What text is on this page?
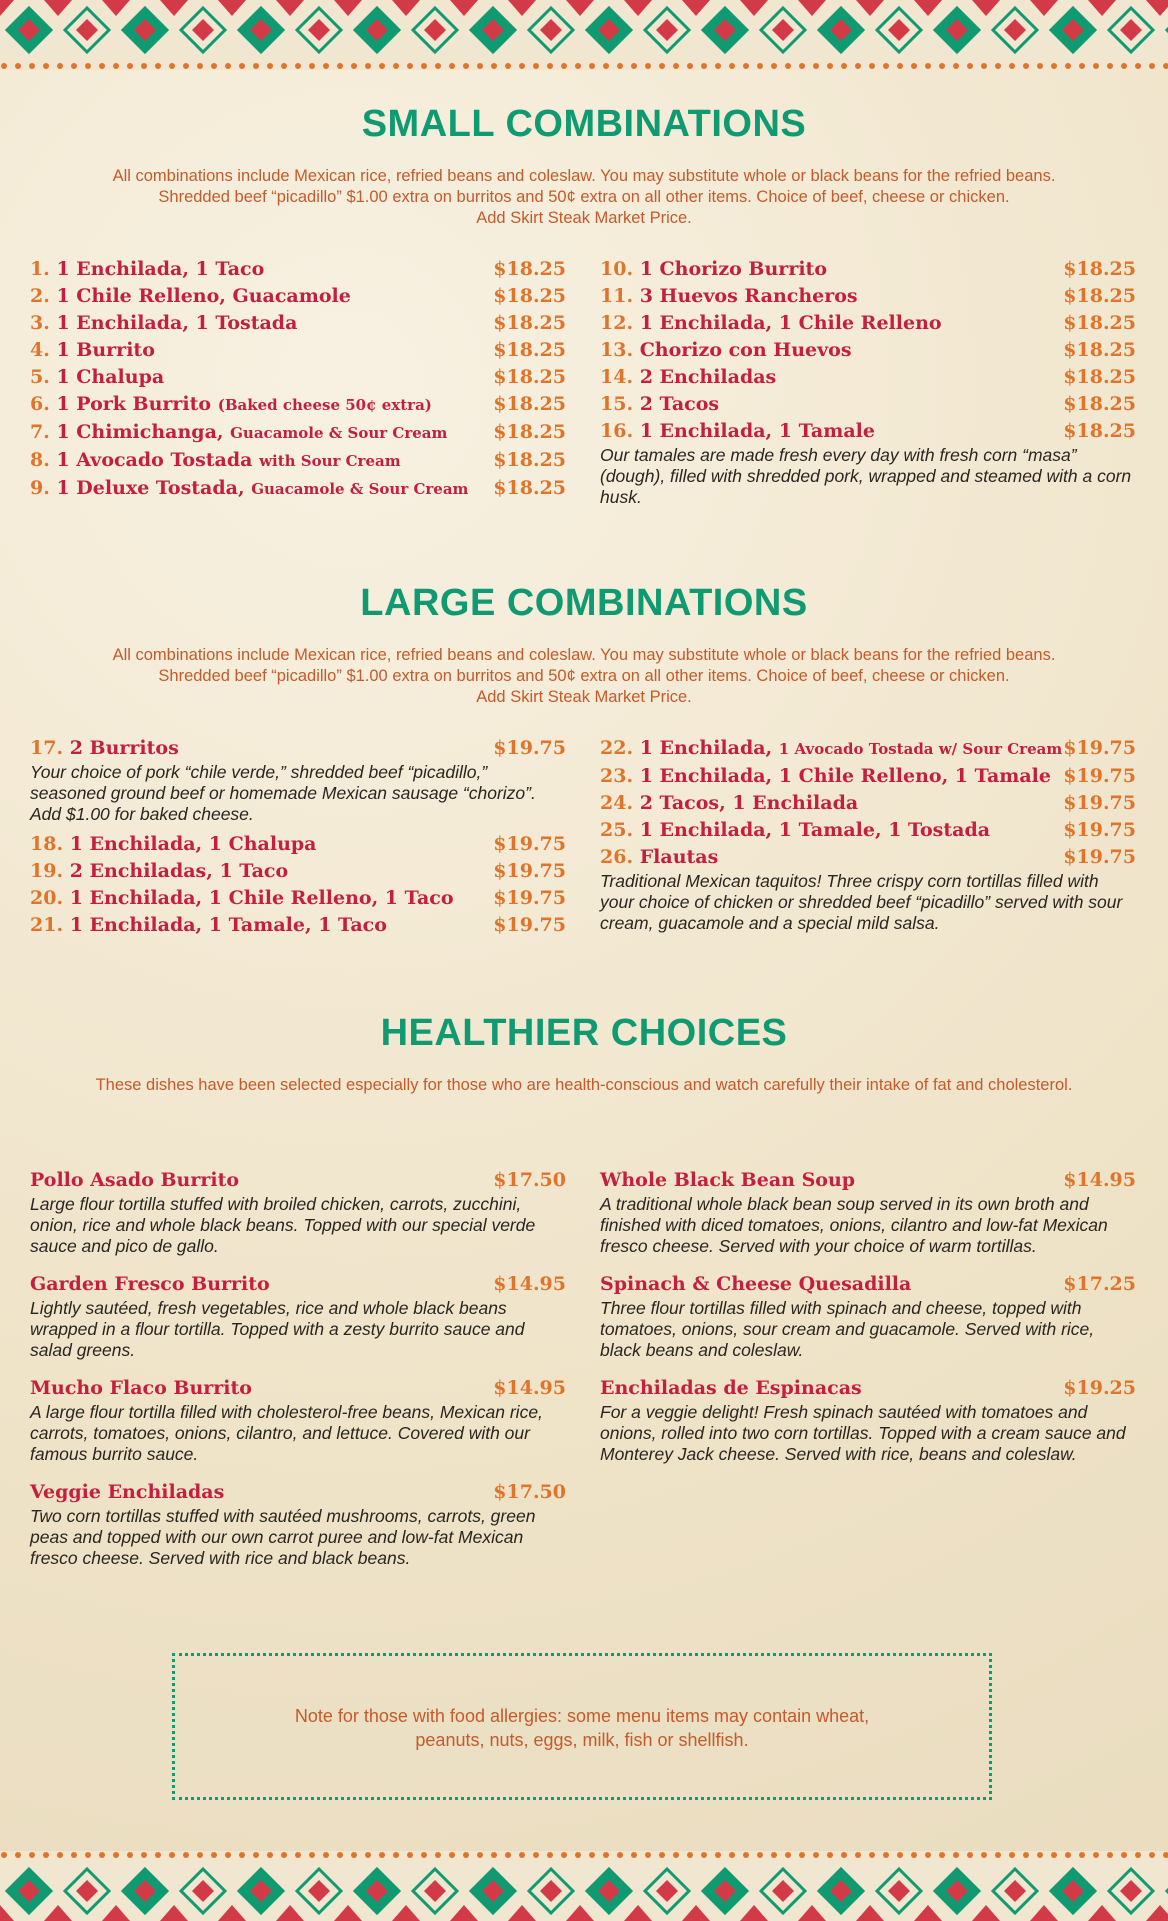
SMALL COMBINATIONS
All combinations include Mexican rice, refried beans and coleslaw. You may substitute whole or black beans for the refried beans.
Shredded beef “picadillo” $1.00 extra on burritos and 50¢ extra on all other items. Choice of beef, cheese or chicken.
Add Skirt Steak Market Price.
1. 1 Enchilada, 1 Taco	$18.25
2. 1 Chile Relleno, Guacamole	$18.25
3. 1 Enchilada, 1 Tostada	$18.25
4. 1 Burrito	$18.25
5. 1 Chalupa	$18.25
6. 1 Pork Burrito (Baked cheese 50¢ extra)	$18.25
7. 1 Chimichanga, Guacamole & Sour Cream $18.25
8. 1 Avocado Tostada with Sour Cream	$18.25
9. 1 Deluxe Tostada, Guacamole & Sour Cream $18.25
10. 1 Chorizo Burrito	$18.25
11. 3 Huevos Rancheros	$18.25
12. 1 Enchilada, 1 Chile Relleno	$18.25
13. Chorizo con Huevos	$18.25
14. 2 Enchiladas	$18.25
15. 2 Tacos	$18.25
16. 1 Enchilada, 1 Tamale	$18.25
Our tamales are made fresh every day with fresh corn “masa” (dough), filled with shredded pork, wrapped and steamed with a corn husk.
LARGE COMBINATIONS
All combinations include Mexican rice, refried beans and coleslaw. You may substitute whole or black beans for the refried beans.
Shredded beef “picadillo” $1.00 extra on burritos and 50¢ extra on all other items. Choice of beef, cheese or chicken.
Add Skirt Steak Market Price.
17. 2 Burritos	$19.75
Your choice of pork “chile verde,” shredded beef “picadillo,” seasoned ground beef or homemade Mexican sausage “chorizo”. Add $1.00 for baked cheese.
18. 1 Enchilada, 1 Chalupa	$19.75
19. 2 Enchiladas, 1 Taco	$19.75
20. 1 Enchilada, 1 Chile Relleno, 1 Taco $19.75
21. 1 Enchilada, 1 Tamale, 1 Taco	$19.75
22. 1 Enchilada, 1 Avocado Tostada w/ Sour Cream $19.75
23. 1 Enchilada, 1 Chile Relleno, 1 Tamale $19.75
24. 2 Tacos, 1 Enchilada	$19.75
25. 1 Enchilada, 1 Tamale, 1 Tostada	$19.75
26. Flautas	$19.75
Traditional Mexican taquitos! Three crispy corn tortillas filled with your choice of chicken or shredded beef “picadillo” served with sour cream, guacamole and a special mild salsa.
HEALTHIER CHOICES
These dishes have been selected especially for those who are health-conscious and watch carefully their intake of fat and cholesterol.
Pollo Asado Burrito	$17.50
Large flour tortilla stuffed with broiled chicken, carrots, zucchini, onion, rice and whole black beans. Topped with our special verde sauce and pico de gallo.
Garden Fresco Burrito	$14.95
Lightly sautéed, fresh vegetables, rice and whole black beans wrapped in a flour tortilla. Topped with a zesty burrito sauce and salad greens.
Mucho Flaco Burrito	$14.95
A large flour tortilla filled with cholesterol-free beans, Mexican rice, carrots, tomatoes, onions, cilantro, and lettuce. Covered with our famous burrito sauce.
Veggie Enchiladas	$17.50
Two corn tortillas stuffed with sautéed mushrooms, carrots, green peas and topped with our own carrot puree and low-fat Mexican fresco cheese. Served with rice and black beans.
Whole Black Bean Soup	$14.95
A traditional whole black bean soup served in its own broth and finished with diced tomatoes, onions, cilantro and low-fat Mexican fresco cheese. Served with your choice of warm tortillas.
Spinach & Cheese Quesadilla	$17.25
Three flour tortillas filled with spinach and cheese, topped with tomatoes, onions, sour cream and guacamole. Served with rice, black beans and coleslaw.
Enchiladas de Espinacas	$19.25
For a veggie delight! Fresh spinach sautéed with tomatoes and onions, rolled into two corn tortillas. Topped with a cream sauce and Monterey Jack cheese. Served with rice, beans and coleslaw.
Note for those with food allergies: some menu items may contain wheat,
peanuts, nuts, eggs, milk, fish or shellfish.
